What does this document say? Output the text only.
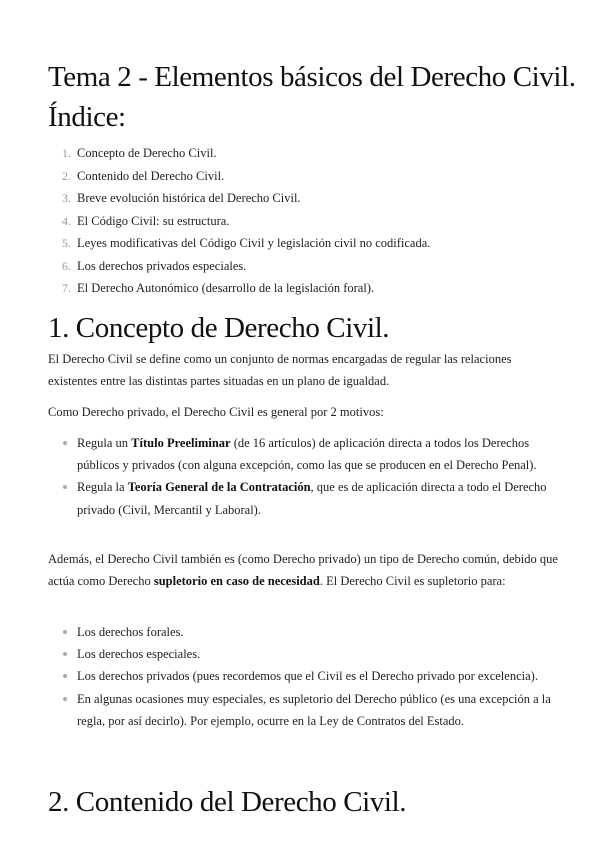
Tema 2 - Elementos básicos del Derecho Civil.
Índice:
1. Concepto de Derecho Civil.
2. Contenido del Derecho Civil.
3. Breve evolución histórica del Derecho Civil.
4. El Código Civil: su estructura.
5. Leyes modificativas del Código Civil y legislación civil no codificada.
6. Los derechos privados especiales.
7. El Derecho Autonómico (desarrollo de la legislación foral).
1. Concepto de Derecho Civil.

El Derecho Civil se define como un conjunto de normas encargadas de regular las relaciones existentes entre las distintas partes situadas en un plano de igualdad.

Como Derecho privado, el Derecho Civil es general por 2 motivos:

Regula un Título Preeliminar (de 16 artículos) de aplicación directa a todos los Derechos públicos y privados (con alguna excepción, como las que se producen en el Derecho Penal).
Regula la Teoría General de la Contratación, que es de aplicación directa a todo el Derecho privado (Civil, Mercantil y Laboral).

Además, el Derecho Civil también es (como Derecho privado) un tipo de Derecho común, debido que actúa como Derecho supletorio en caso de necesidad. El Derecho Civil es supletorio para:

Los derechos forales.
Los derechos especiales.
Los derechos privados (pues recordemos que el Civil es el Derecho privado por excelencia).
En algunas ocasiones muy especiales, es supletorio del Derecho público (es una excepción a la regla, por así decirlo). Por ejemplo, ocurre en la Ley de Contratos del Estado.
2. Contenido del Derecho Civil.
